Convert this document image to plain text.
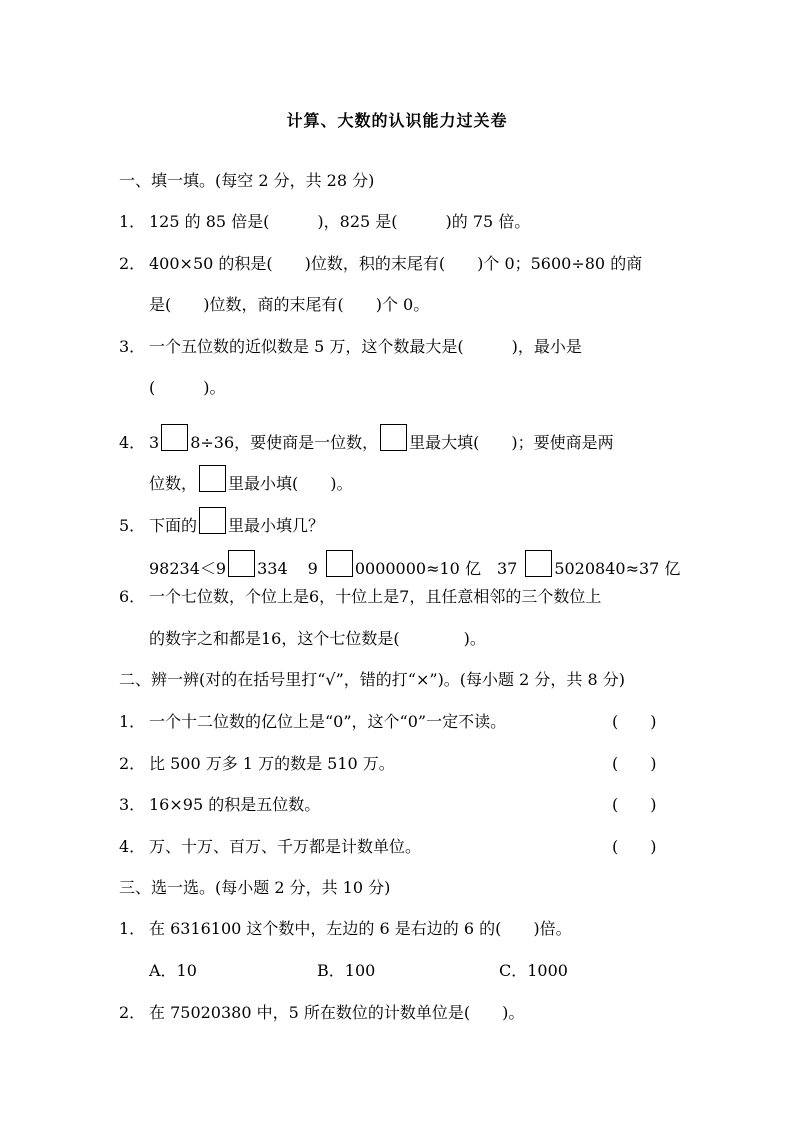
计算、大数的认识能力过关卷
一、填一填。(每空 2 分，共 28 分)
1． 125 的 85 倍是(　　　)，825 是(　　　)的 75 倍。
2． 400×50 的积是(　　)位数，积的末尾有(　　)个 0；5600÷80 的商
是(　　)位数，商的末尾有(　　)个 0。
3． 一个五位数的近似数是 5 万，这个数最大是(　　　)，最小是
(　　　)。
4． 3 8÷36，要使商是一位数， 里最大填(　　)；要使商是两
位数， 里最小填(　　)。
5． 下面的 里最小填几？
98234＜9 334 9 0000000≈10 亿 37 5020840≈37 亿
6． 一个七位数，个位上是6，十位上是7，且任意相邻的三个数位上
的数字之和都是16，这个七位数是(　　　　)。
二、辨一辨(对的在括号里打“√”，错的打“×”)。(每小题 2 分，共 8 分)
1． 一个十二位数的亿位上是“0”，这个“0”一定不读。	(　　)
2． 比 500 万多 1 万的数是 510 万。	(　　)
3． 16×95 的积是五位数。	(　　)
4． 万、十万、百万、千万都是计数单位。	(　　)
三、选一选。(每小题 2 分，共 10 分)
1． 在 6316100 这个数中，左边的 6 是右边的 6 的(　　)倍。
A．10	B．100	C．1000
2． 在 75020380 中，5 所在数位的计数单位是(　　)。
